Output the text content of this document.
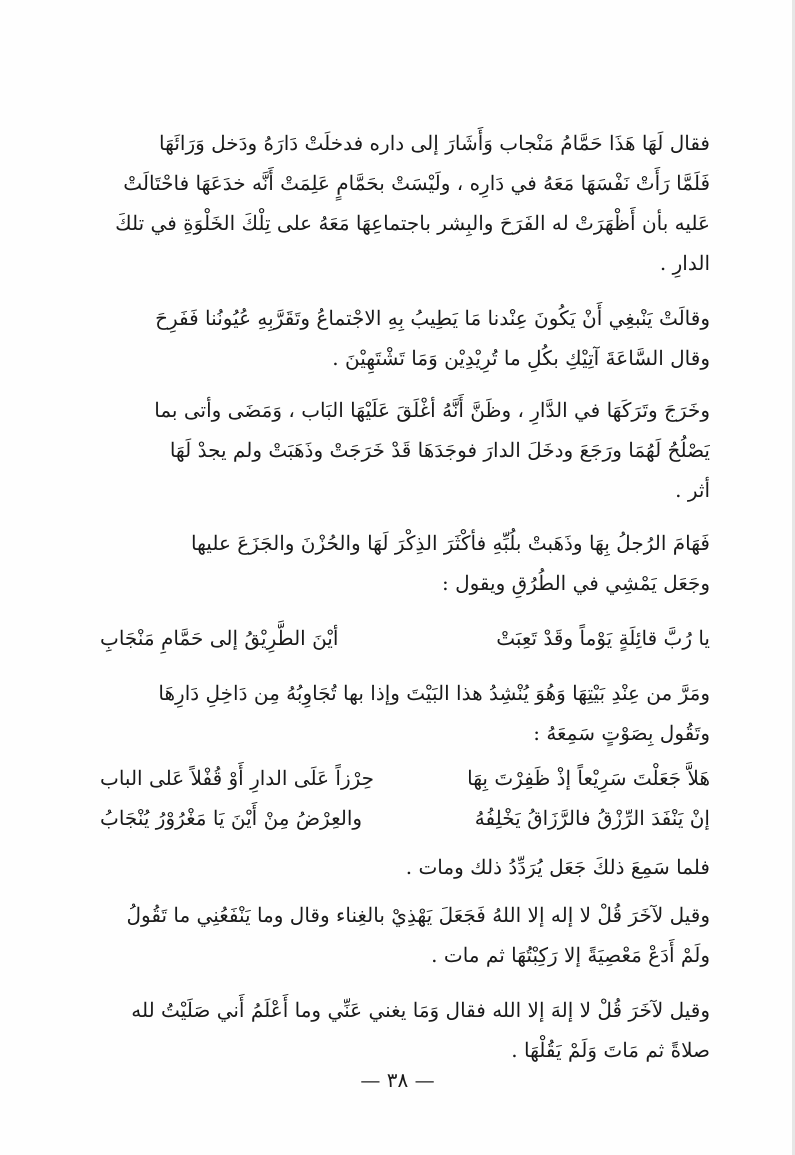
فقال لَهَا هَذَا حَمَّامُ مَنْجاب وَأَشَارَ إلى داره فدخلَتْ دَارَهُ ودَخل وَرَائَهَا
فَلَمَّا رَأَتْ نَفْسَهَا مَعَهُ في دَارِه ، ولَيْسَتْ بحَمَّامٍ عَلِمَتْ أَنَّه خدَعَهَا فاحْتَالَتْ
عَليه بأن أَظْهَرَتْ له الفَرَحَ والبِشر باجتماعِهَا مَعَهُ على تِلْكَ الخَلْوَةِ في تلكَ
الدارِ .
وقالَتْ يَنْبغِي أَنْ يَكُونَ عِنْدنا مَا يَطِيبُ بِهِ الاجْتماعُ وتَقَرَّبِهِ عُيُونُنا فَفَرِحَ
وقال السَّاعَةَ آتِيْكِ بكُلِ ما تُرِيْدِيْن وَمَا تَشْتَهِيْنَ .
وخَرَجَ وتَرَكَهَا في الدَّارِ ، وظَنَّ أَنَّهُ أغْلَقَ عَلَيْهَا البَاب ، وَمَضَى وأتى بما
يَصْلُحُ لَهُمَا ورَجَعَ ودخَلَ الدارَ فوجَدَهَا قَدْ خَرَجَتْ وذَهَبَتْ ولم يجدْ لَهَا
أثر .
فَهَامَ الرُجلُ بِهَا وذَهَبتْ بلُبِّهِ فأكْثَرَ الذِكْرَ لَهَا والحُزْنَ والجَزَعَ عليها
وجَعَل يَمْشِي في الطُرُقِ ويقول :
يا رُبَّ قائِلَةٍ يَوْماً وقَدْ تَعِبَتْ
أيْنَ الطَّرِيْقُ إلى حَمَّامِ مَنْجَابِ
ومَرَّ من عِنْدِ بَيْتِهَا وَهُوَ يُنْشِدُ هذا البَيْتَ وإذا بها تُجَاوِبُهُ مِن دَاخِلِ دَارِهَا
وتَقُول بِصَوْتٍ سَمِعَهُ :
هَلاَّ جَعَلْتَ سَرِيْعاً إذْ ظَفِرْتَ بِهَا
حِرْزاً عَلَى الدارِ أَوْ قُفْلاً عَلى الباب
إنْ يَنْفَدَ الرِّزْقُ فالرَّزَاقُ يَخْلِفُهُ
والعِرْضُ مِنْ أَيْنَ يَا مَغْرُوْرُ يُنْجَابُ
فلما سَمِعَ ذلكَ جَعَل يُرَدِّدُ ذلك ومات .
وقيل لآخَرَ قُلْ لا إله إلا اللهُ فَجَعَلَ يَهْذِيْ بالغِناء وقال وما يَنْفَعُنِي ما تَقُولُ
ولَمْ أَدَعْ مَعْصِيَةً إلا رَكِبْتُهَا ثم مات .
وقيل لآخَرَ قُلْ لا إلهَ إلا الله فقال وَمَا يغني عَنِّي وما أَعْلَمُ أَني صَلَيْتُ لله
صلاةً ثم مَاتَ وَلَمْ يَقُلْهَا .
— ٣٨ —
